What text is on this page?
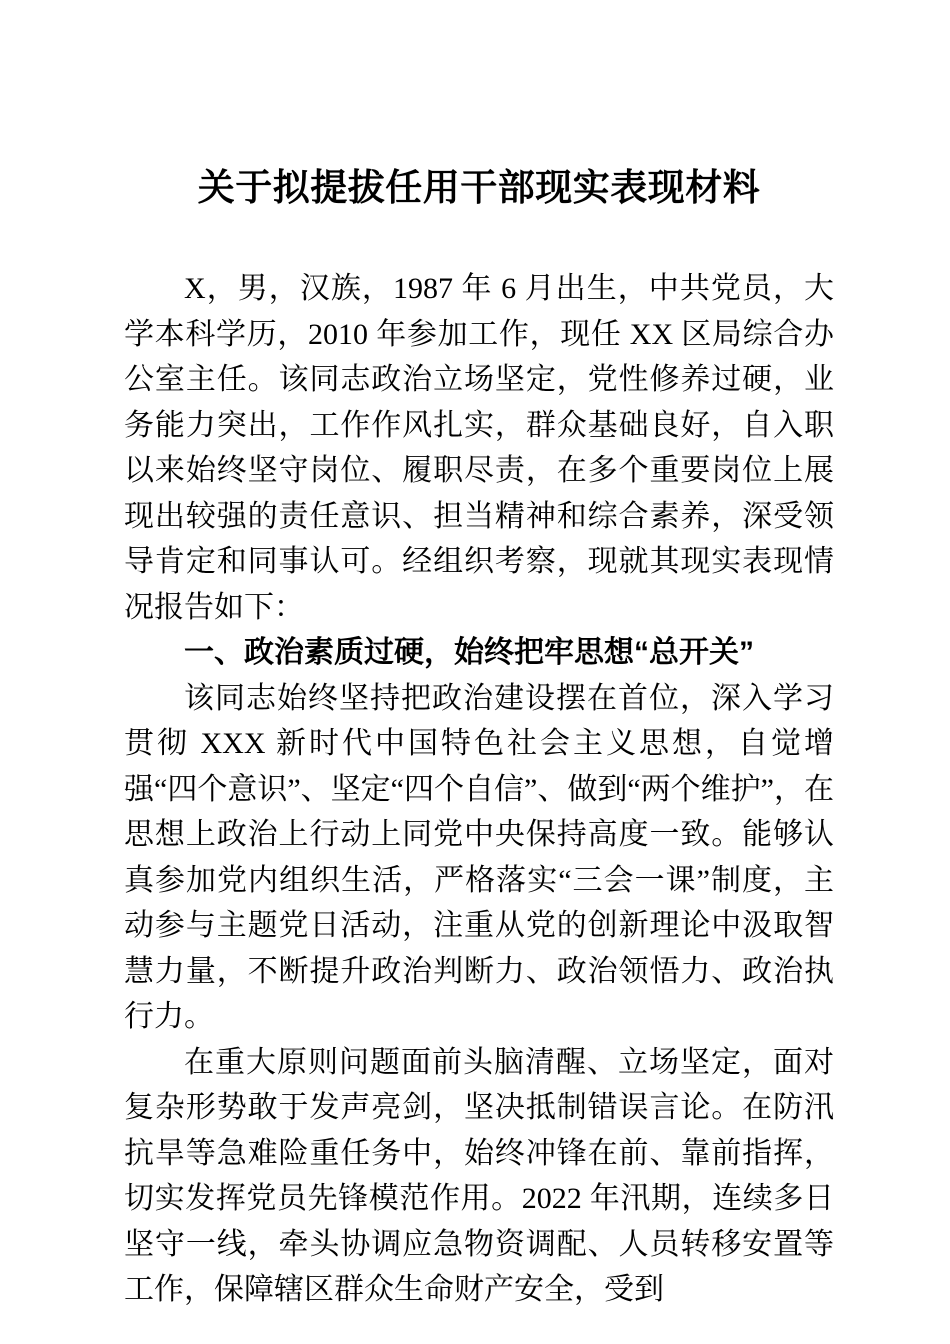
关于拟提拔任用干部现实表现材料

X，男，汉族，1987 年 6 月出生，中共党员，大学本科学历，2010 年参加工作，现任 XX 区局综合办公室主任。该同志政治立场坚定，党性修养过硬，业务能力突出，工作作风扎实，群众基础良好，自入职以来始终坚守岗位、履职尽责，在多个重要岗位上展现出较强的责任意识、担当精神和综合素养，深受领导肯定和同事认可。经组织考察，现就其现实表现情况报告如下：

一、政治素质过硬，始终把牢思想“总开关”

该同志始终坚持把政治建设摆在首位，深入学习贯彻 XXX 新时代中国特色社会主义思想，自觉增强“四个意识”、坚定“四个自信”、做到“两个维护”，在思想上政治上行动上同党中央保持高度一致。能够认真参加党内组织生活，严格落实“三会一课”制度，主动参与主题党日活动，注重从党的创新理论中汲取智慧力量，不断提升政治判断力、政治领悟力、政治执行力。

在重大原则问题面前头脑清醒、立场坚定，面对复杂形势敢于发声亮剑，坚决抵制错误言论。在防汛抗旱等急难险重任务中，始终冲锋在前、靠前指挥，切实发挥党员先锋模范作用。2022 年汛期，连续多日坚守一线，牵头协调应急物资调配、人员转移安置等工作，保障辖区群众生命财产安全，受到
